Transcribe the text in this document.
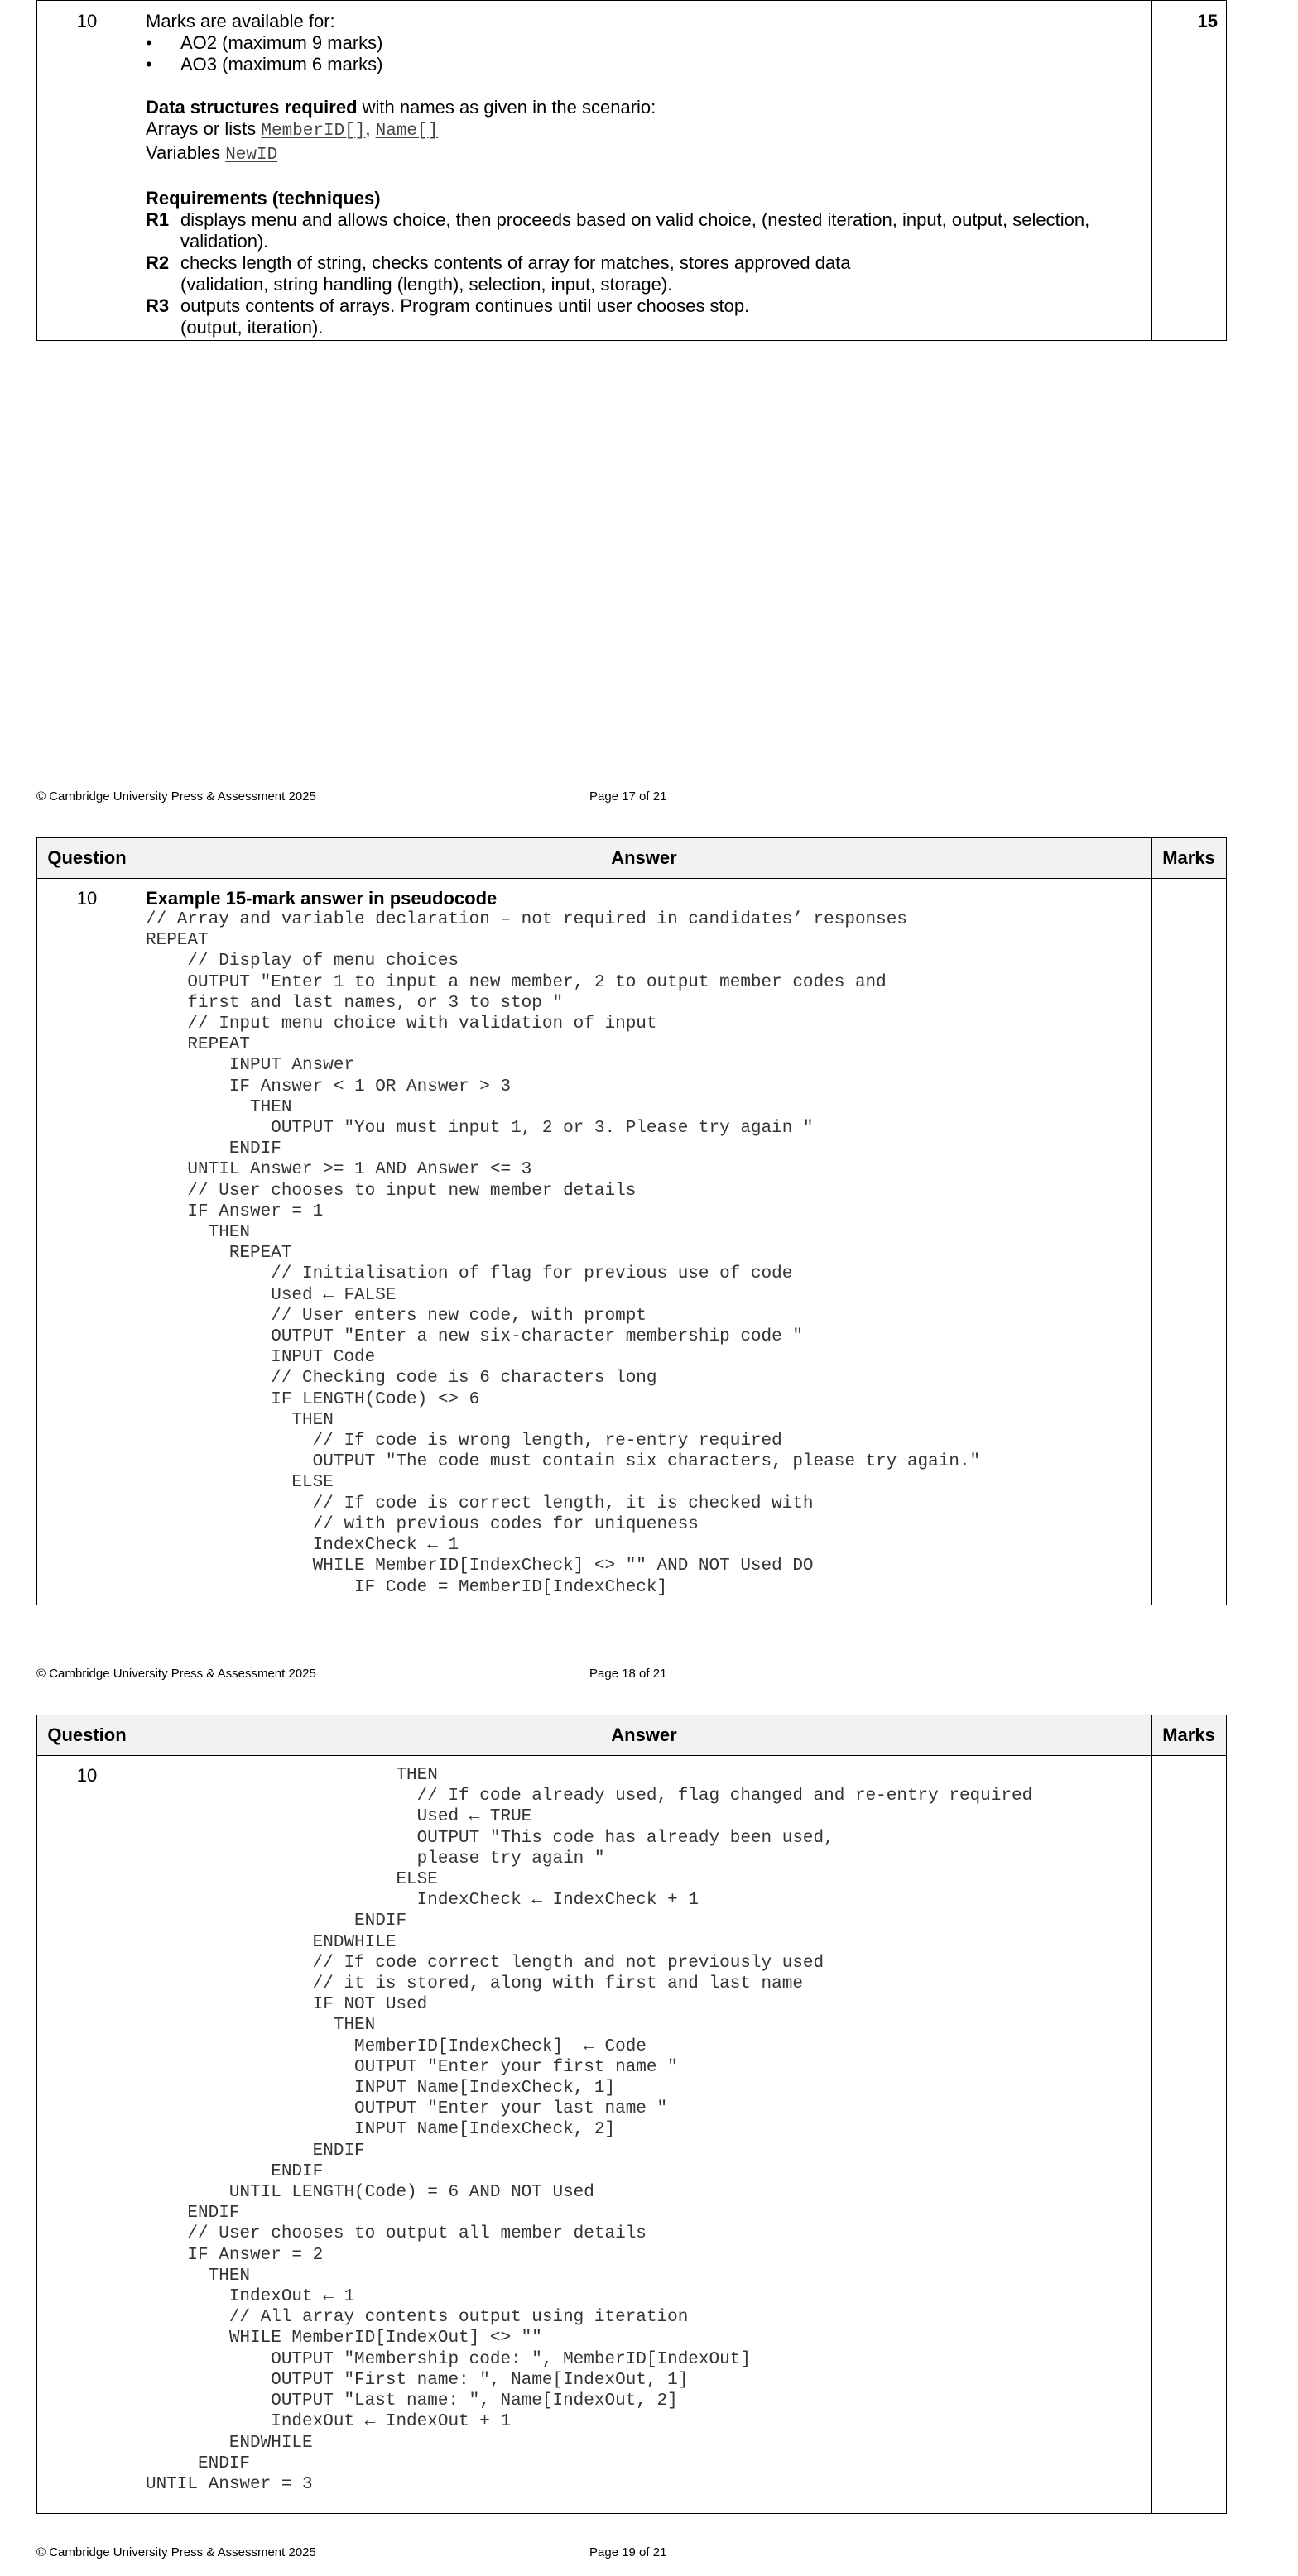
10	15
Marks are available for:
• AO2 (maximum 9 marks)
• AO3 (maximum 6 marks)
Data structures required with names as given in the scenario:
Arrays or lists MemberID[], Name[]
Variables NewID
Requirements (techniques)
R1 displays menu and allows choice, then proceeds based on valid choice, (nested iteration, input, output, selection,
validation).
R2 checks length of string, checks contents of array for matches, stores approved data
(validation, string handling (length), selection, input, storage).
R3 outputs contents of arrays. Program continues until user chooses stop.
(output, iteration).
© Cambridge University Press & Assessment 2025	Page 17 of 21
Question	Answer	Marks
10	Example 15-mark answer in pseudocode
// Array and variable declaration – not required in candidates’ responses
REPEAT
// Display of menu choices
OUTPUT "Enter 1 to input a new member, 2 to output member codes and
first and last names, or 3 to stop "
// Input menu choice with validation of input
REPEAT
INPUT Answer
IF Answer < 1 OR Answer > 3
THEN
OUTPUT "You must input 1, 2 or 3. Please try again "
ENDIF
UNTIL Answer >= 1 AND Answer <= 3
// User chooses to input new member details
IF Answer = 1
THEN
REPEAT
// Initialisation of flag for previous use of code
Used ← FALSE
// User enters new code, with prompt
OUTPUT "Enter a new six-character membership code "
INPUT Code
// Checking code is 6 characters long
IF LENGTH(Code) <> 6
THEN
// If code is wrong length, re-entry required
OUTPUT "The code must contain six characters, please try again."
ELSE
// If code is correct length, it is checked with
// with previous codes for uniqueness
IndexCheck ← 1
WHILE MemberID[IndexCheck] <> "" AND NOT Used DO
IF Code = MemberID[IndexCheck]
© Cambridge University Press & Assessment 2025	Page 18 of 21
Question	Answer	Marks
10	THEN
// If code already used, flag changed and re-entry required
Used ← TRUE
OUTPUT "This code has already been used,
please try again "
ELSE
IndexCheck ← IndexCheck + 1
ENDIF
ENDWHILE
// If code correct length and not previously used
// it is stored, along with first and last name
IF NOT Used
THEN
MemberID[IndexCheck]  ← Code
OUTPUT "Enter your first name "
INPUT Name[IndexCheck, 1]
OUTPUT "Enter your last name "
INPUT Name[IndexCheck, 2]
ENDIF
ENDIF
UNTIL LENGTH(Code) = 6 AND NOT Used
ENDIF
// User chooses to output all member details
IF Answer = 2
THEN
IndexOut ← 1
// All array contents output using iteration
WHILE MemberID[IndexOut] <> ""
OUTPUT "Membership code: ", MemberID[IndexOut]
OUTPUT "First name: ", Name[IndexOut, 1]
OUTPUT "Last name: ", Name[IndexOut, 2]
IndexOut ← IndexOut + 1
ENDWHILE
ENDIF
UNTIL Answer = 3
© Cambridge University Press & Assessment 2025	Page 19 of 21
